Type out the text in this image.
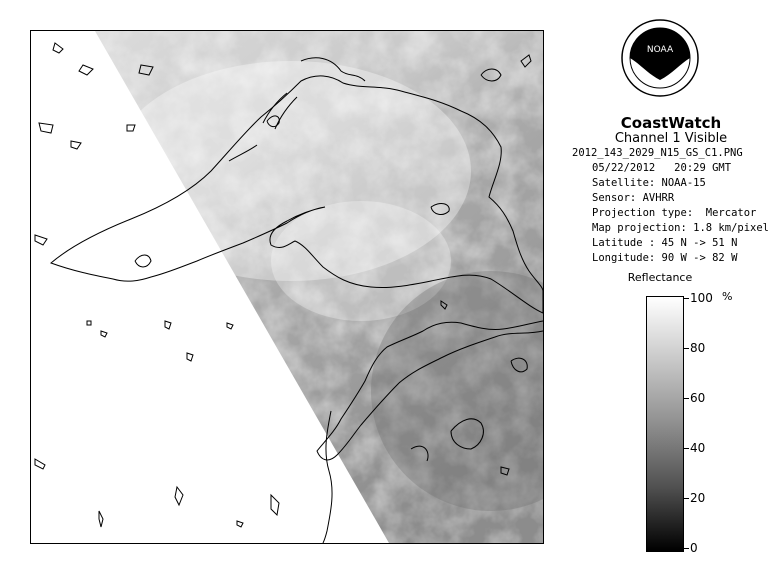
NOAA
CoastWatch
Channel 1 Visible
2012_143_2029_N15_GS_C1.PNG
05/22/2012   20:29 GMT
Satellite: NOAA-15
Sensor: AVHRR
Projection type:  Mercator
Map projection: 1.8 km/pixel
Latitude : 45 N -> 51 N
Longitude: 90 W -> 82 W
Reflectance
%
100
80
60
40
20
0
